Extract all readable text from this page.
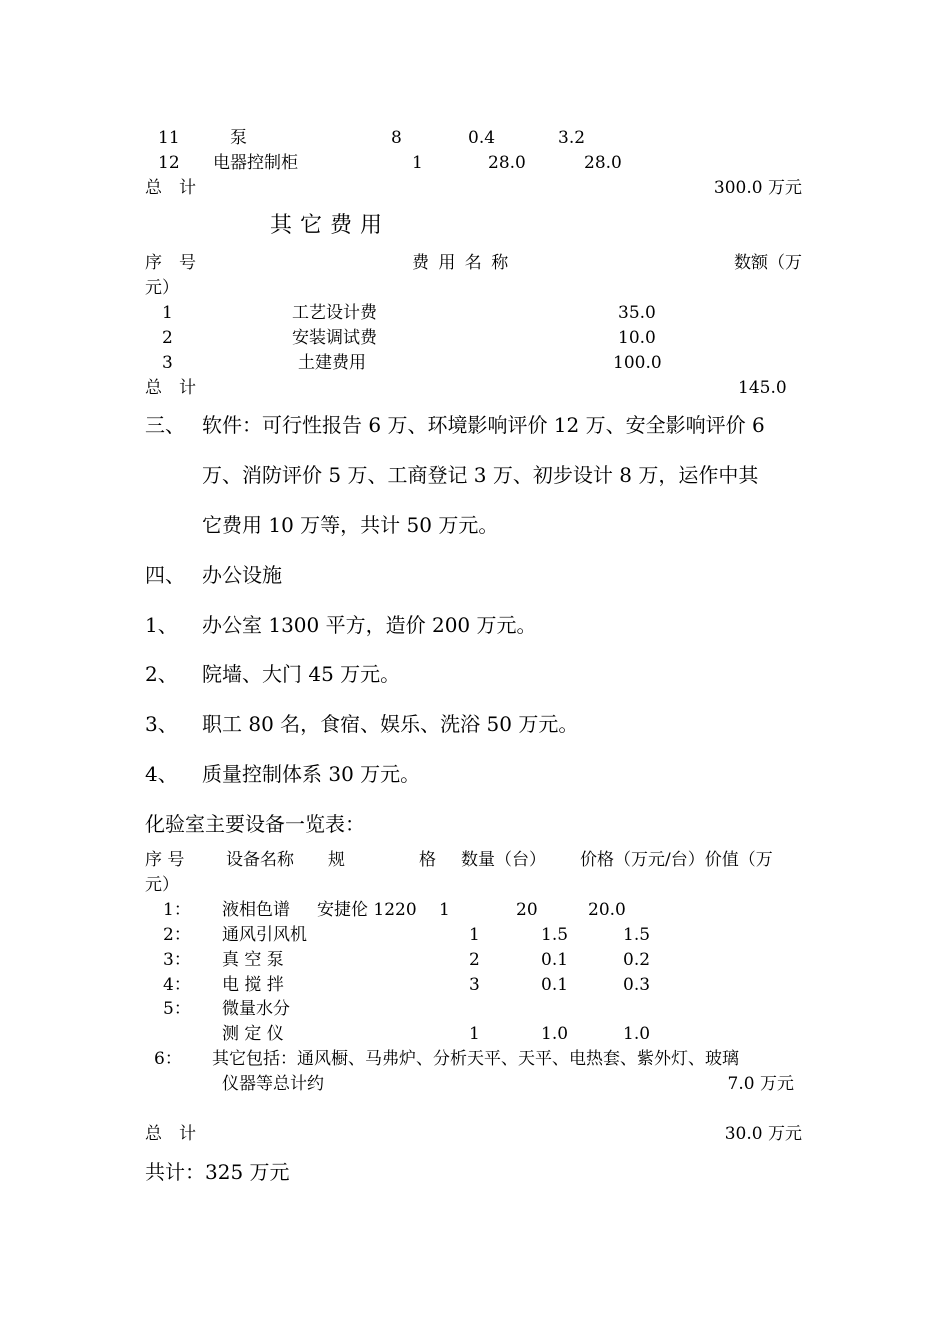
11	泵	8	0.4	3.2
12 电器控制柜	1	28.0	28.0
总　计	300.0 万元
其它费用
序　号	费 用 名 称	数额（万
元）
1	工艺设计费	35.0
2	安装调试费	10.0
3	土建费用	100.0
总　计	145.0
三、 软件：可行性报告 6 万、环境影响评价 12 万、安全影响评价 6
万、消防评价 5 万、工商登记 3 万、初步设计 8 万，运作中其
它费用 10 万等，共计 50 万元。
四、 办公设施
1、 办公室 1300 平方，造价 200 万元。
2、 院墙、大门 45 万元。
3、 职工 80 名，食宿、娱乐、洗浴 50 万元。
4、 质量控制体系 30 万元。
化验室主要设备一览表：
序 号 设备名称 规	格 数量（台） 价格（万元/台）价值（万
元）
1： 液相色谱 安捷伦 1220 1	20	20.0
2： 通风引风机	1	1.5	1.5
3： 真 空 泵	2	0.1	0.2
4： 电 搅 拌	3	0.1	0.3
5： 微量水分
测 定 仪	1	1.0	1.0
6： 其它包括：通风橱、马弗炉、分析天平、天平、电热套、紫外灯、玻璃
仪器等总计约	7.0 万元
总　计	30.0 万元
共计：325 万元
